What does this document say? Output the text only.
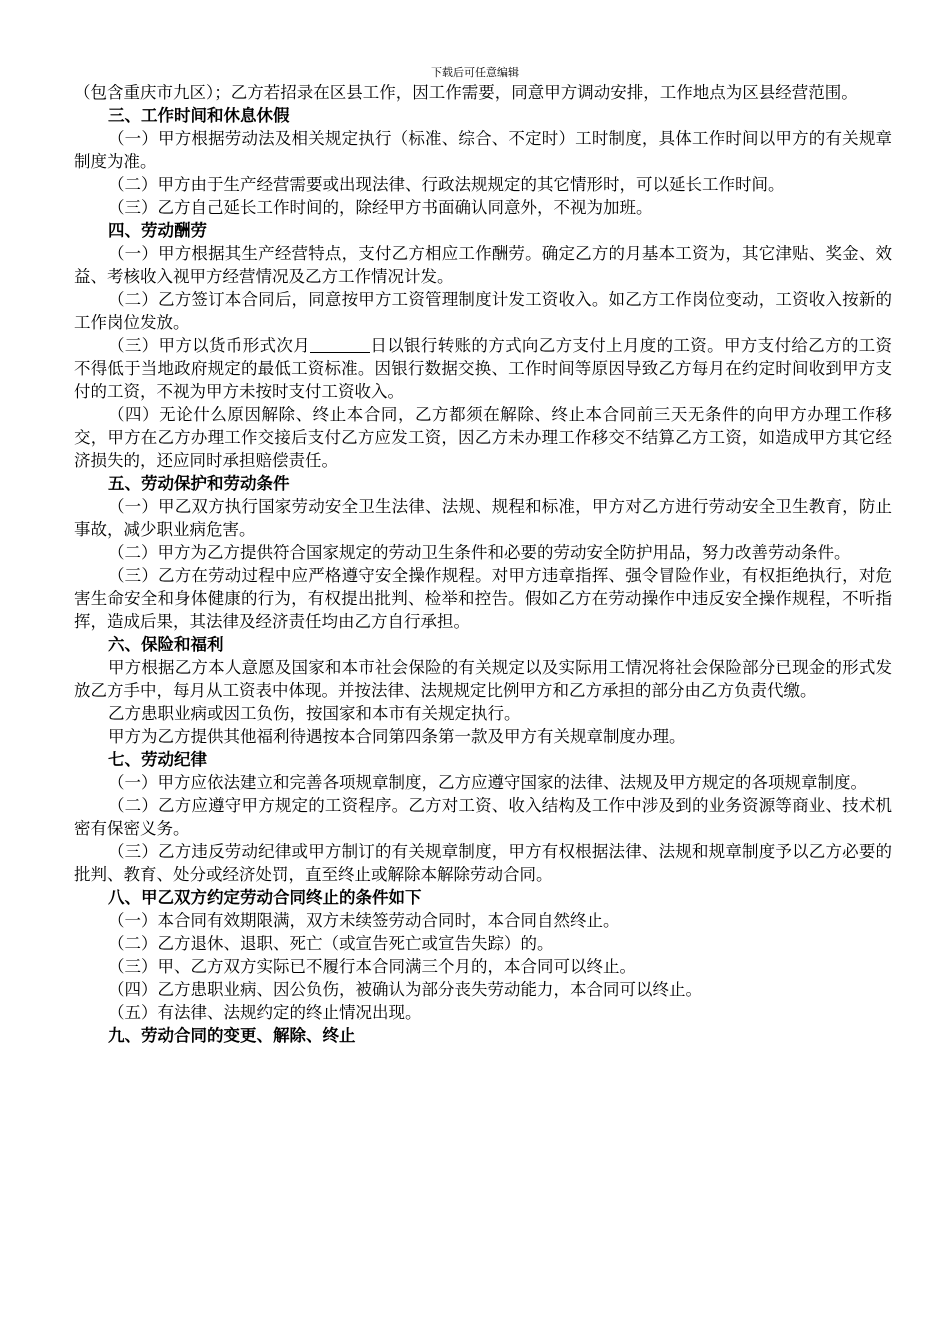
下载后可任意编辑

（包含重庆市九区）；乙方若招录在区县工作，因工作需要，同意甲方调动安排，工作地点为区县经营范围。

三、工作时间和休息休假

（一）甲方根据劳动法及相关规定执行（标准、综合、不定时）工时制度，具体工作时间以甲方的有关规章制度为准。

（二）甲方由于生产经营需要或出现法律、行政法规规定的其它情形时，可以延长工作时间。

（三）乙方自己延长工作时间的，除经甲方书面确认同意外，不视为加班。

四、劳动酬劳

（一）甲方根据其生产经营特点，支付乙方相应工作酬劳。确定乙方的月基本工资为，其它津贴、奖金、效益、考核收入视甲方经营情况及乙方工作情况计发。

（二）乙方签订本合同后，同意按甲方工资管理制度计发工资收入。如乙方工作岗位变动，工资收入按新的工作岗位发放。

（三）甲方以货币形式次月	日以银行转账的方式向乙方支付上月度的工资。甲方支付给乙方的工资不得低于当地政府规定的最低工资标准。因银行数据交换、工作时间等原因导致乙方每月在约定时间收到甲方支付的工资，不视为甲方未按时支付工资收入。

（四）无论什么原因解除、终止本合同，乙方都须在解除、终止本合同前三天无条件的向甲方办理工作移交，甲方在乙方办理工作交接后支付乙方应发工资，因乙方未办理工作移交不结算乙方工资，如造成甲方其它经济损失的，还应同时承担赔偿责任。

五、劳动保护和劳动条件

（一）甲乙双方执行国家劳动安全卫生法律、法规、规程和标准，甲方对乙方进行劳动安全卫生教育，防止事故，减少职业病危害。

（二）甲方为乙方提供符合国家规定的劳动卫生条件和必要的劳动安全防护用品，努力改善劳动条件。

（三）乙方在劳动过程中应严格遵守安全操作规程。对甲方违章指挥、强令冒险作业，有权拒绝执行，对危害生命安全和身体健康的行为，有权提出批判、检举和控告。假如乙方在劳动操作中违反安全操作规程，不听指挥，造成后果，其法律及经济责任均由乙方自行承担。

六、保险和福利

甲方根据乙方本人意愿及国家和本市社会保险的有关规定以及实际用工情况将社会保险部分已现金的形式发放乙方手中，每月从工资表中体现。并按法律、法规规定比例甲方和乙方承担的部分由乙方负责代缴。

乙方患职业病或因工负伤，按国家和本市有关规定执行。

甲方为乙方提供其他福利待遇按本合同第四条第一款及甲方有关规章制度办理。

七、劳动纪律

（一）甲方应依法建立和完善各项规章制度，乙方应遵守国家的法律、法规及甲方规定的各项规章制度。

（二）乙方应遵守甲方规定的工资程序。乙方对工资、收入结构及工作中涉及到的业务资源等商业、技术机密有保密义务。

（三）乙方违反劳动纪律或甲方制订的有关规章制度，甲方有权根据法律、法规和规章制度予以乙方必要的批判、教育、处分或经济处罚，直至终止或解除本解除劳动合同。

八、甲乙双方约定劳动合同终止的条件如下

（一）本合同有效期限满，双方未续签劳动合同时，本合同自然终止。

（二）乙方退休、退职、死亡（或宣告死亡或宣告失踪）的。

（三）甲、乙方双方实际已不履行本合同满三个月的，本合同可以终止。

（四）乙方患职业病、因公负伤，被确认为部分丧失劳动能力，本合同可以终止。

（五）有法律、法规约定的终止情况出现。

九、劳动合同的变更、解除、终止
